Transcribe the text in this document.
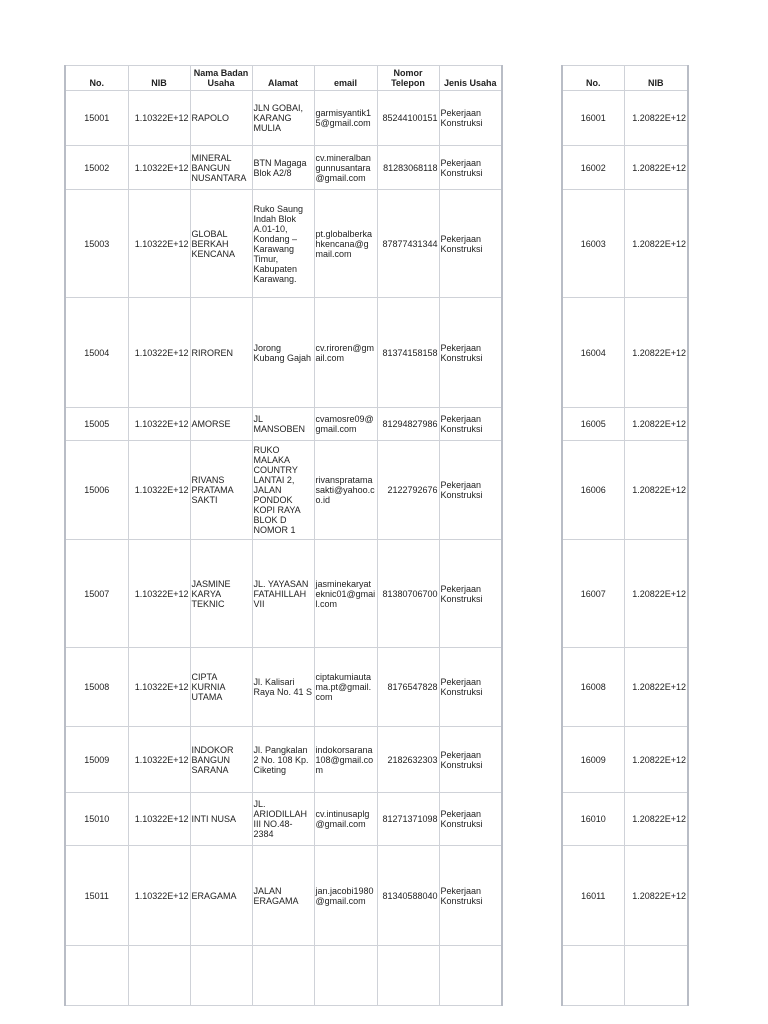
No.	NIB	Nama Badan Usaha	Alamat	email	Nomor Telepon	Jenis Usaha
15001	1.10322E+12	RAPOLO	JLN GOBAI, KARANG MULIA	garmisyantik15@gmail.com	85244100151	Pekerjaan Konstruksi
15002	1.10322E+12	MINERAL BANGUN NUSANTARA	BTN Magaga Blok A2/8	cv.mineralbangunnusantara@gmail.com	81283068118	Pekerjaan Konstruksi
15003	1.10322E+12	GLOBAL BERKAH KENCANA	Ruko Saung Indah Blok A.01-10, Kondang – Karawang Timur, Kabupaten Karawang.	pt.globalberkahkencana@gmail.com	87877431344	Pekerjaan Konstruksi
15004	1.10322E+12	RIROREN	Jorong Kubang Gajah	cv.riroren@gmail.com	81374158158	Pekerjaan Konstruksi
15005	1.10322E+12	AMORSE	JL MANSOBEN	cvamosre09@gmail.com	81294827986	Pekerjaan Konstruksi
15006	1.10322E+12	RIVANS PRATAMA SAKTI	RUKO MALAKA COUNTRY LANTAI 2, JALAN PONDOK KOPI RAYA BLOK D NOMOR 1	rivanspratamasakti@yahoo.co.id	2122792676	Pekerjaan Konstruksi
15007	1.10322E+12	JASMINE KARYA TEKNIC	JL. YAYASAN FATAHILLAH VII	jasminekaryateknic01@gmail.com	81380706700	Pekerjaan Konstruksi
15008	1.10322E+12	CIPTA KURNIA UTAMA	Jl. Kalisari Raya No. 41 S	ciptakumiautama.pt@gmail.com	8176547828	Pekerjaan Konstruksi
15009	1.10322E+12	INDOKOR BANGUN SARANA	Jl. Pangkalan 2 No. 108 Kp. Ciketing	indokorsarana108@gmail.com	2182632303	Pekerjaan Konstruksi
15010	1.10322E+12	INTI NUSA	JL. ARIODILLAH III NO.48-2384	cv.intinusaplg@gmail.com	81271371098	Pekerjaan Konstruksi
15011	1.10322E+12	ERAGAMA	JALAN ERAGAMA	jan.jacobi1980@gmail.com	81340588040	Pekerjaan Konstruksi

No.	NIB
16001	1.20822E+12
16002	1.20822E+12
16003	1.20822E+12
16004	1.20822E+12
16005	1.20822E+12
16006	1.20822E+12
16007	1.20822E+12
16008	1.20822E+12
16009	1.20822E+12
16010	1.20822E+12
16011	1.20822E+12
